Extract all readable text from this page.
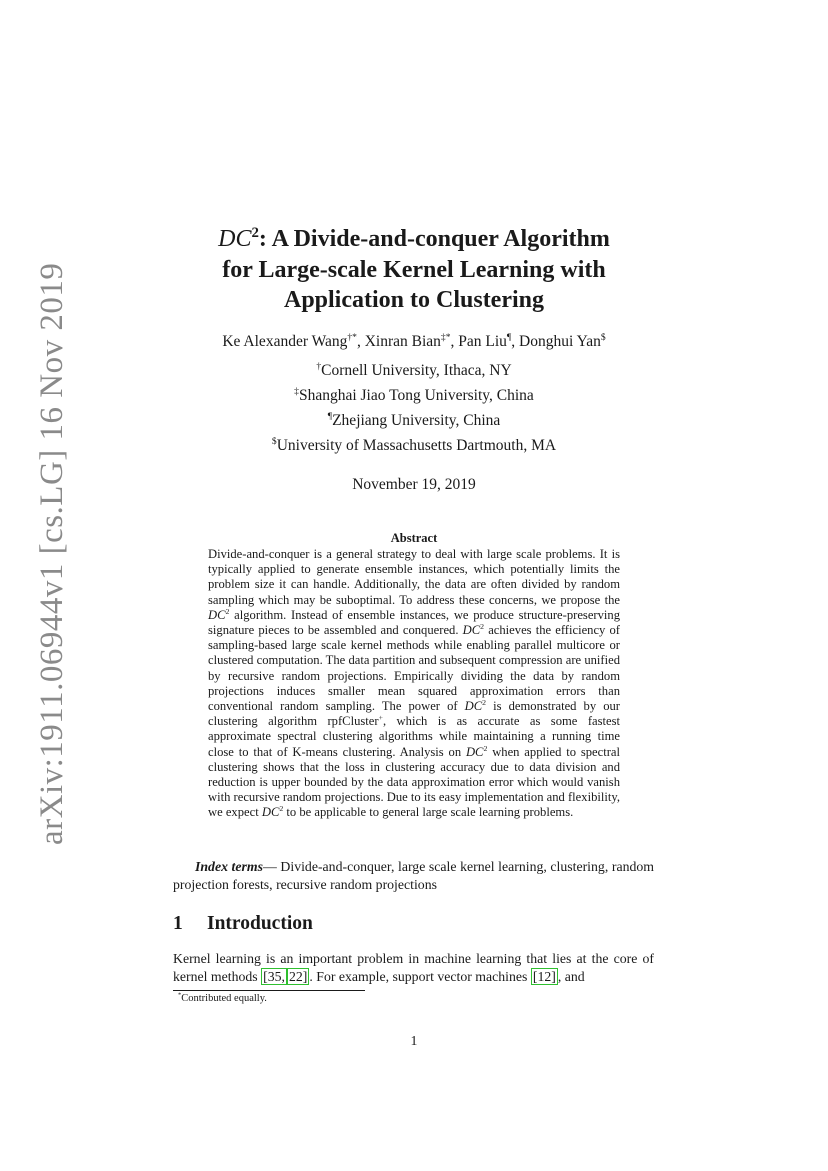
arXiv:1911.06944v1 [cs.LG] 16 Nov 2019
$DC^2$: A Divide-and-conquer Algorithm
for Large-scale Kernel Learning with
Application to Clustering
Ke Alexander Wang†*, Xinran Bian‡*, Pan Liu¶, Donghui Yan$
†Cornell University, Ithaca, NY
‡Shanghai Jiao Tong University, China
¶Zhejiang University, China
$University of Massachusetts Dartmouth, MA
November 19, 2019
Abstract
Divide-and-conquer is a general strategy to deal with large scale problems. It is typically applied to generate ensemble instances, which potentially limits the problem size it can handle. Additionally, the data are often divided by random sampling which may be suboptimal. To address these concerns, we propose the $DC^2$ algorithm. Instead of ensemble instances, we produce structure-preserving signature pieces to be assembled and conquered. $DC^2$ achieves the efficiency of sampling-based large scale kernel methods while enabling parallel multicore or clustered computation. The data partition and subsequent compression are unified by recursive random projections. Empirically dividing the data by random projections induces smaller mean squared approximation errors than conventional random sampling. The power of $DC^2$ is demonstrated by our clustering algorithm rpfCluster+, which is as accurate as some fastest approximate spectral clustering algorithms while maintaining a running time close to that of K-means clustering. Analysis on $DC^2$ when applied to spectral clustering shows that the loss in clustering accuracy due to data division and reduction is upper bounded by the data approximation error which would vanish with recursive random projections. Due to its easy implementation and flexibility, we expect $DC^2$ to be applicable to general large scale learning problems.
Index terms— Divide-and-conquer, large scale kernel learning, clustering, random projection forests, recursive random projections
1 Introduction
Kernel learning is an important problem in machine learning that lies at the core of kernel methods [35, 22] . For example, support vector machines [12] , and
*Contributed equally.
1
